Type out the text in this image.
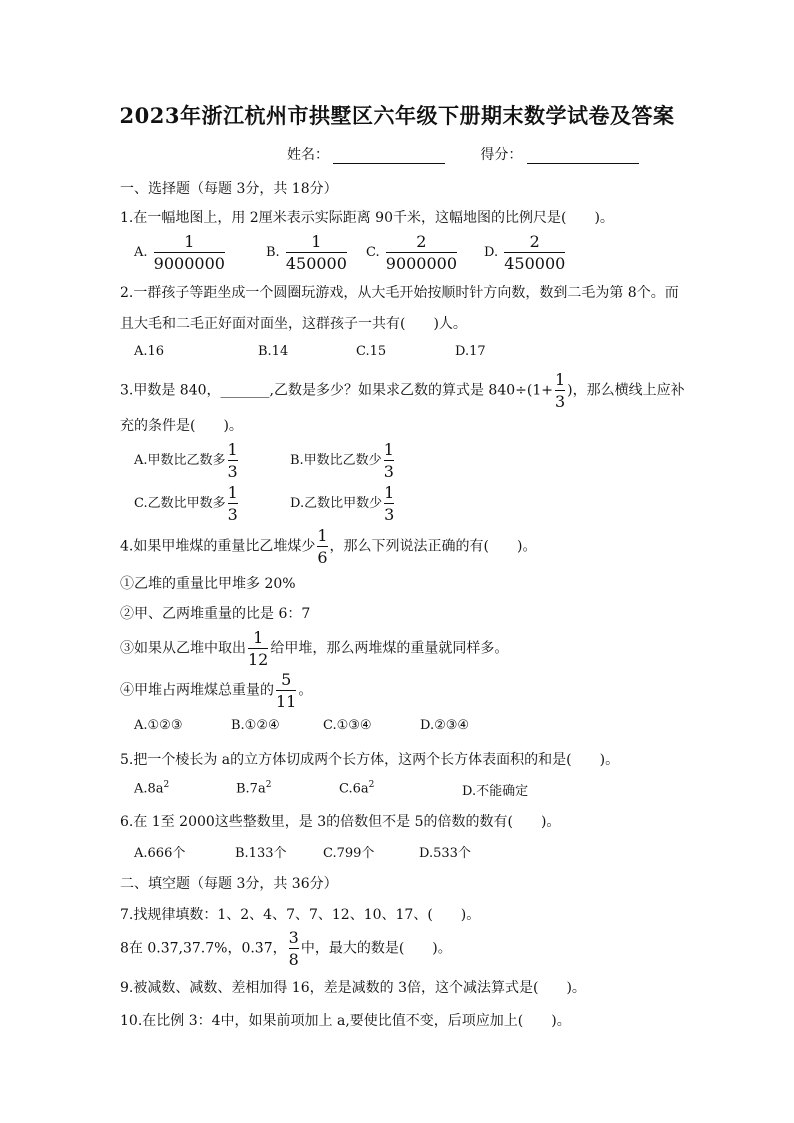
2023年浙江杭州市拱墅区六年级下册期末数学试卷及答案
姓名：	得分：
一、选择题（每题 3分，共 18分）
1.在一幅地图上，用 2厘米表示实际距离 90千米，这幅地图的比例尺是(　　)。
A. $\frac{1}{9000000}$	B. $\frac{1}{450000} C$. $\frac{2}{9000000} D$. $\frac{2}{450000}$
2.一群孩子等距坐成一个圆圈玩游戏，从大毛开始按顺时针方向数，数到二毛为第 8个。而
且大毛和二毛正好面对面坐，这群孩子一共有(　　)人。
A.16	B.14	C.15	D.17
3.甲数是 840，_______,乙数是多少？如果求乙数的算式是 $840\div(1+ \frac{1}{3}$ )，那么横线上应补
充的条件是(　　)。
A.甲数比乙数多 $\frac{1}{3}$	B.甲数比乙数少 $\frac{1}{3}$
C.乙数比甲数多 $\frac{1}{3}$	D.乙数比甲数少 $\frac{1}{3}$
4.如果甲堆煤的重量比乙堆煤少 $\frac{1}{6}$ ，那么下列说法正确的有(　　)。
①乙堆的重量比甲堆多 20%
②甲、乙两堆重量的比是 6：7
③如果从乙堆中取出 $\frac{1}{12}$ 给甲堆，那么两堆煤的重量就同样多。
④甲堆占两堆煤总重量的 $\frac{5}{11}$ 。
A.①②③	B.①②④	C.①③④	D.②③④
5.把一个棱长为 a的立方体切成两个长方体，这两个长方体表面积的和是(　　)。
$A.8a^2$	$B.7a^2$	$C.6a^2$	D.不能确定
6.在 1至 2000这些整数里，是 3的倍数但不是 5的倍数的数有(　　)。
A.666个	B.133个	C.799个	D.533个
二、填空题（每题 3分，共 36分）
7.找规律填数：1、2、4、7、7、12、10、17、(　　)。
8在 0.3̇7̇,37.7%，0.3̇7̇， $\frac{3}{8}$ 中，最大的数是(　　)。
9.被减数、减数、差相加得 16，差是减数的 3倍，这个减法算式是(　　)。
10.在比例 3：4中，如果前项加上 a,要使比值不变，后项应加上(　　)。
